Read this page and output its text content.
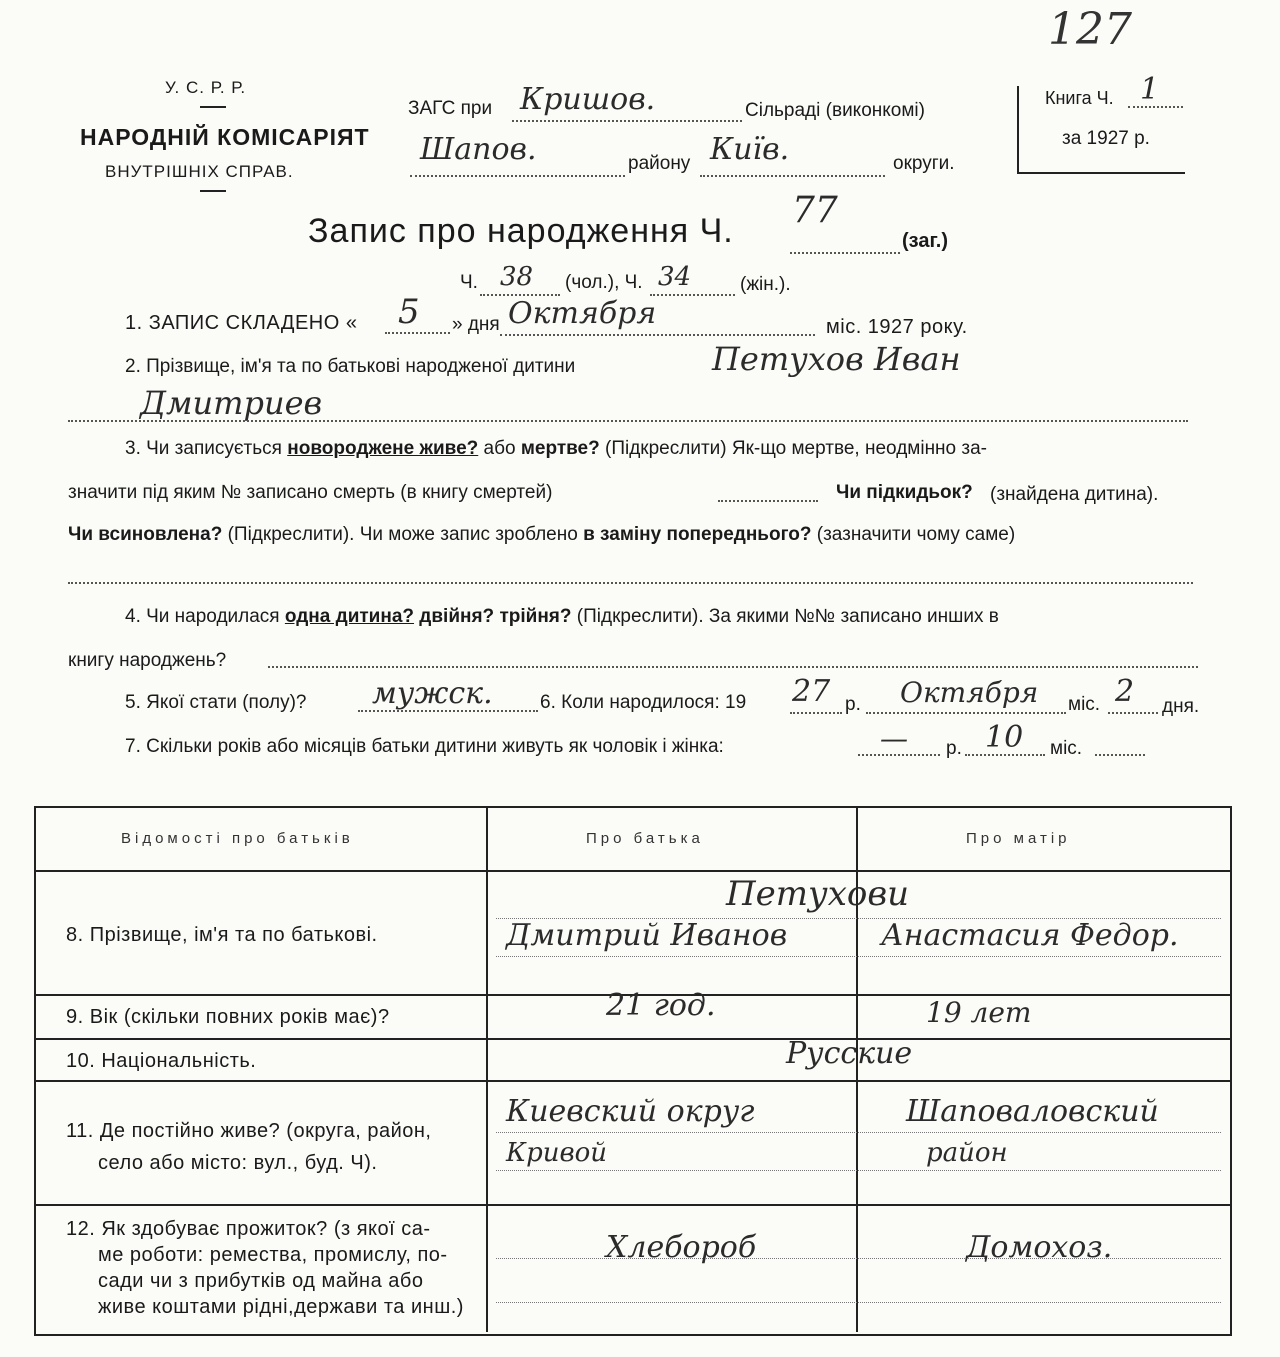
127
У. С. Р. Р.
НАРОДНІЙ КОМІСАРІЯТ
ВНУТРІШНІХ СПРАВ.
ЗАГС при Кришов.	Сільраді (виконкомі)
Шапов.	району Київ.	округи.
Книга Ч. 1
за 1927 р.
Запис про народження Ч. 77
(заг.)
Ч. 38 (чол.), Ч. 34	(жін.).
1. ЗАПИС СКЛАДЕНО « 5 » дня Октября	міс. 1927 року.
2. Прізвище, ім'я та по батькові народженої дитини	Петухов Иван
Дмитриев
3. Чи записується новороджене живе? або мертве? (Підкреслити) Як-що мертве, неодмінно за-
значити під яким № записано смерть (в книгу смертей)	Чи підкидьок? (знайдена дитина).
Чи всиновлена? (Підкреслити). Чи може запис зроблено в заміну попереднього? (зазначити чому саме)
4. Чи народилася одна дитина? двійня? трійня? (Підкреслити). За якими №№ записано инших в
книгу народжень?
5. Якої стати (полу)? мужск. 6. Коли народилося: 19 27 р. Октября міс. 2 дня.
7. Скільки років або місяців батьки дитини живуть як чоловік і жінка:	— р. 10 міс.
Відомості про батьків	Про батька	Про матір
8. Прізвище, ім'я та по батькові.
Петухови
Дмитрий Иванов	Анастасия Федор.
9. Вік (скільки повних років має)?	21 год.	19 лет
10. Національність.	Русские
11. Де постійно живе? (округа, район,
село або місто: вул., буд. Ч).
Киевский округ	Шаповаловский
Кривой	район
12. Як здобуває прожиток? (з якої са-
ме роботи: ремества, промислу, по-
сади чи з прибутків од майна або
живе коштами рідні,держави та инш.)
Хлебороб	Домохоз.
